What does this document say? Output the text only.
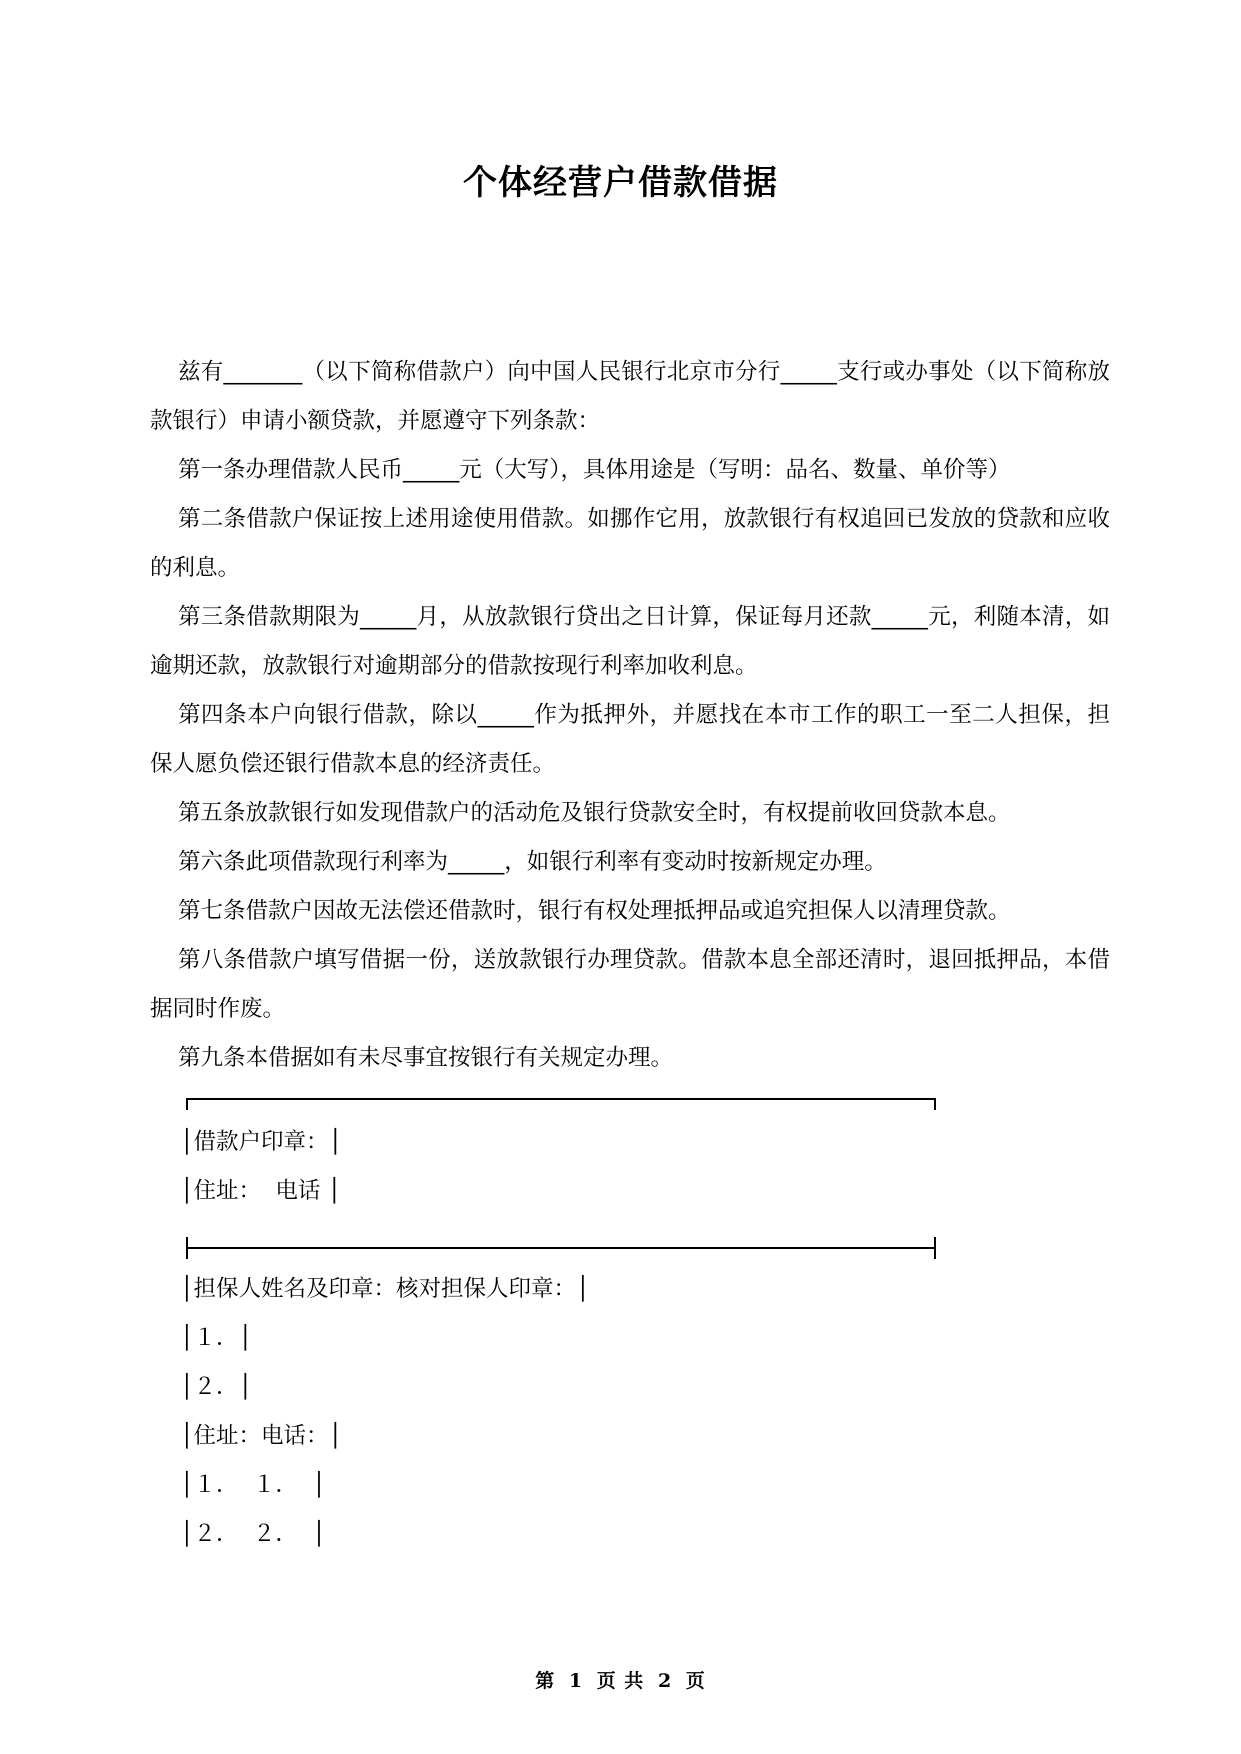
个体经营户借款借据

兹有_______（以下简称借款户）向中国人民银行北京市分行_____支行或办事处（以下简称放款银行）申请小额贷款，并愿遵守下列条款：

第一条办理借款人民币_____元（大写），具体用途是（写明：品名、数量、单价等）

第二条借款户保证按上述用途使用借款。如挪作它用，放款银行有权追回已发放的贷款和应收的利息。

第三条借款期限为_____月，从放款银行贷出之日计算，保证每月还款_____元，利随本清，如逾期还款，放款银行对逾期部分的借款按现行利率加收利息。

第四条本户向银行借款，除以_____作为抵押外，并愿找在本市工作的职工一至二人担保，担保人愿负偿还银行借款本息的经济责任。

第五条放款银行如发现借款户的活动危及银行贷款安全时，有权提前收回贷款本息。

第六条此项借款现行利率为_____，如银行利率有变动时按新规定办理。

第七条借款户因故无法偿还借款时，银行有权处理抵押品或追究担保人以清理贷款。

第八条借款户填写借据一份，送放款银行办理贷款。借款本息全部还清时，退回抵押品，本借据同时作废。

第九条本借据如有未尽事宜按银行有关规定办理。

│借款户印章：│

│住址：  电话 │

│担保人姓名及印章：核对担保人印章：│

│１．│

│２．│

│住址：电话：│

│１．  １．  │

│２．  ２．  │

第 1 页 共 2 页
